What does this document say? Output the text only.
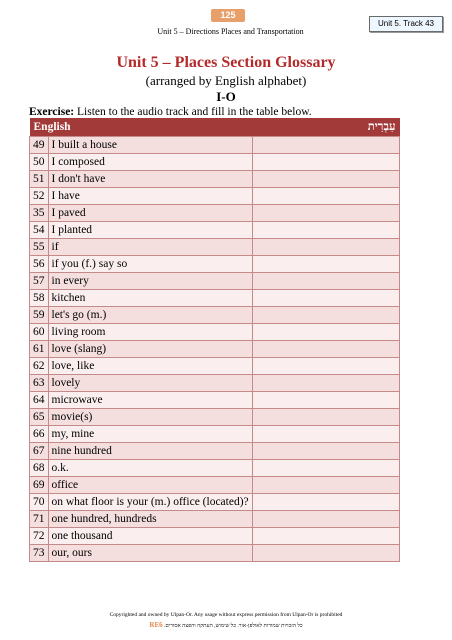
125
Unit 5 – Directions Places and Transportation
Unit 5. Track 43
Unit 5 – Places Section Glossary
(arranged by English alphabet)
I-O
Exercise: Listen to the audio track and fill in the table below.
English		עִבְרִית
49	I built a house	
50	I composed	
51	I don't have	
52	I have	
35	I paved	
54	I planted	
55	if	
56	if you (f.) say so	
57	in every	
58	kitchen	
59	let's go (m.)	
60	living room	
61	love (slang)	
62	love, like	
63	lovely	
64	microwave	
65	movie(s)	
66	my, mine	
67	nine hundred	
68	o.k.	
69	office	
70	on what floor is your (m.) office (located)?	
71	one hundred, hundreds	
72	one thousand	
73	our, ours	
Copyrighted and owned by Ulpan-Or. Any usage without express permission from Ulpan-Or is prohibited
RE6 כל הזכויות שמורות לאולפן-אור. כל שימוש, העתקה והפצה אסורים.
